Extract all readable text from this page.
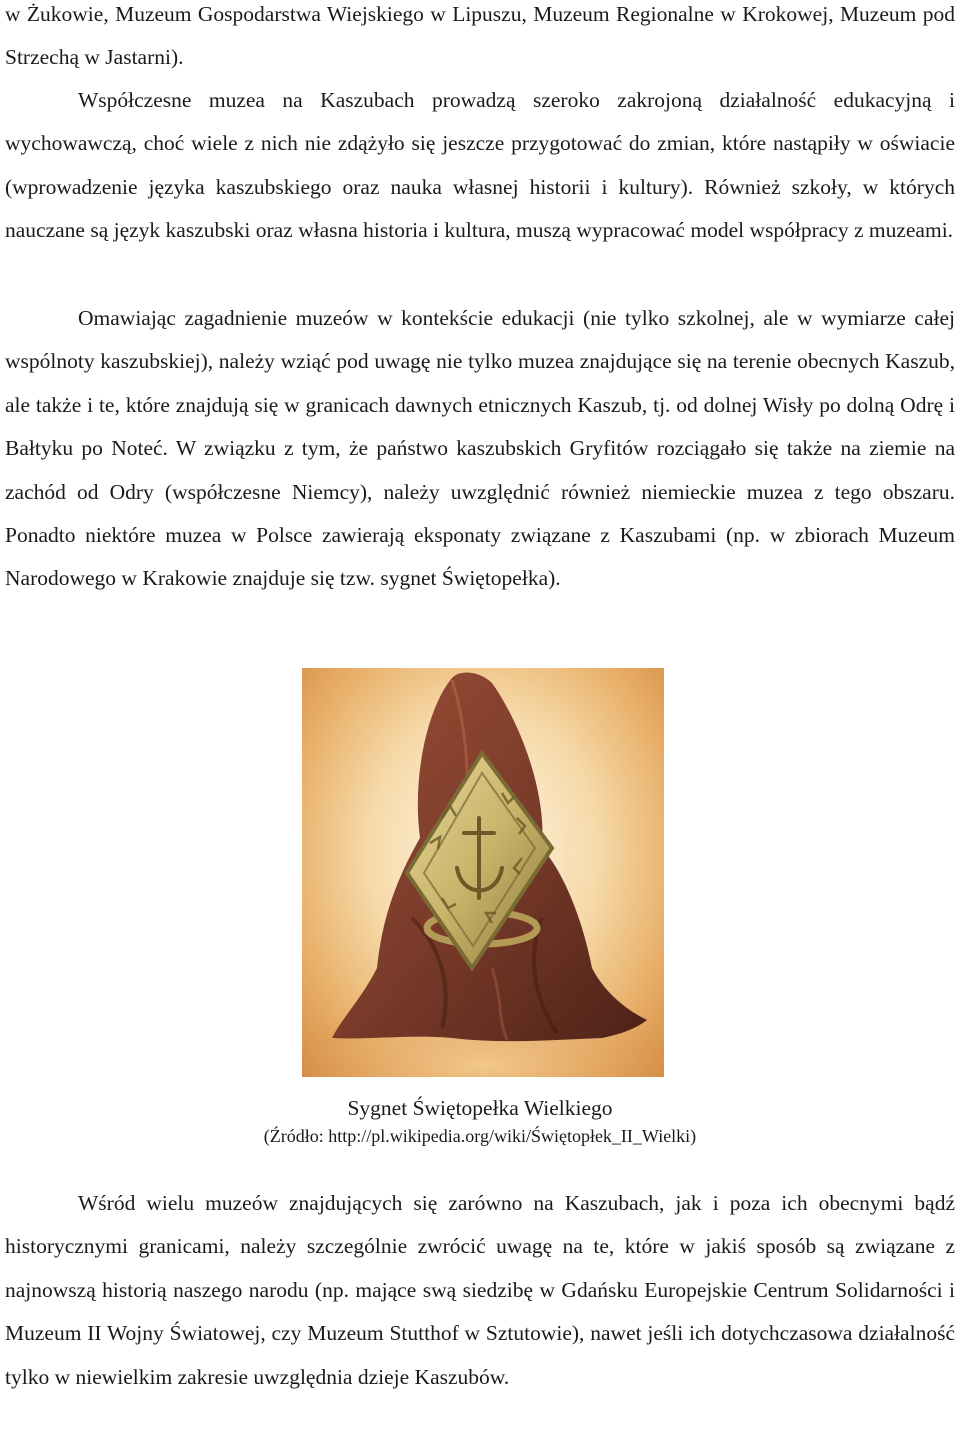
w Żukowie, Muzeum Gospodarstwa Wiejskiego w Lipuszu, Muzeum Regionalne w Krokowej, Muzeum pod Strzechą w Jastarni).

Współczesne muzea na Kaszubach prowadzą szeroko zakrojoną działalność edukacyjną i wychowawczą, choć wiele z nich nie zdążyło się jeszcze przygotować do zmian, które nastąpiły w oświacie (wprowadzenie języka kaszubskiego oraz nauka własnej historii i kultury). Również szkoły, w których nauczane są język kaszubski oraz własna historia i kultura, muszą wypracować model współpracy z muzeami.

Omawiając zagadnienie muzeów w kontekście edukacji (nie tylko szkolnej, ale w wymiarze całej wspólnoty kaszubskiej), należy wziąć pod uwagę nie tylko muzea znajdujące się na terenie obecnych Kaszub, ale także i te, które znajdują się w granicach dawnych etnicznych Kaszub, tj. od dolnej Wisły po dolną Odrę i Bałtyku po Noteć. W związku z tym, że państwo kaszubskich Gryfitów rozciągało się także na ziemie na zachód od Odry (współczesne Niemcy), należy uwzględnić również niemieckie muzea z tego obszaru. Ponadto niektóre muzea w Polsce zawierają eksponaty związane z Kaszubami (np. w zbiorach Muzeum Narodowego w Krakowie znajduje się tzw. sygnet Świętopełka).

Wśród wielu muzeów znajdujących się zarówno na Kaszubach, jak i poza ich obecnymi bądź historycznymi granicami, należy szczególnie zwrócić uwagę na te, które w jakiś sposób są związane z najnowszą historią naszego narodu (np. mające swą siedzibę w Gdańsku Europejskie Centrum Solidarności i Muzeum II Wojny Światowej, czy Muzeum Stutthof w Sztutowie), nawet jeśli ich dotychczasowa działalność tylko w niewielkim zakresie uwzględnia dzieje Kaszubów.

Sygnet Świętopełka Wielkiego
(Źródło: http://pl.wikipedia.org/wiki/Świętopłek_II_Wielki)
